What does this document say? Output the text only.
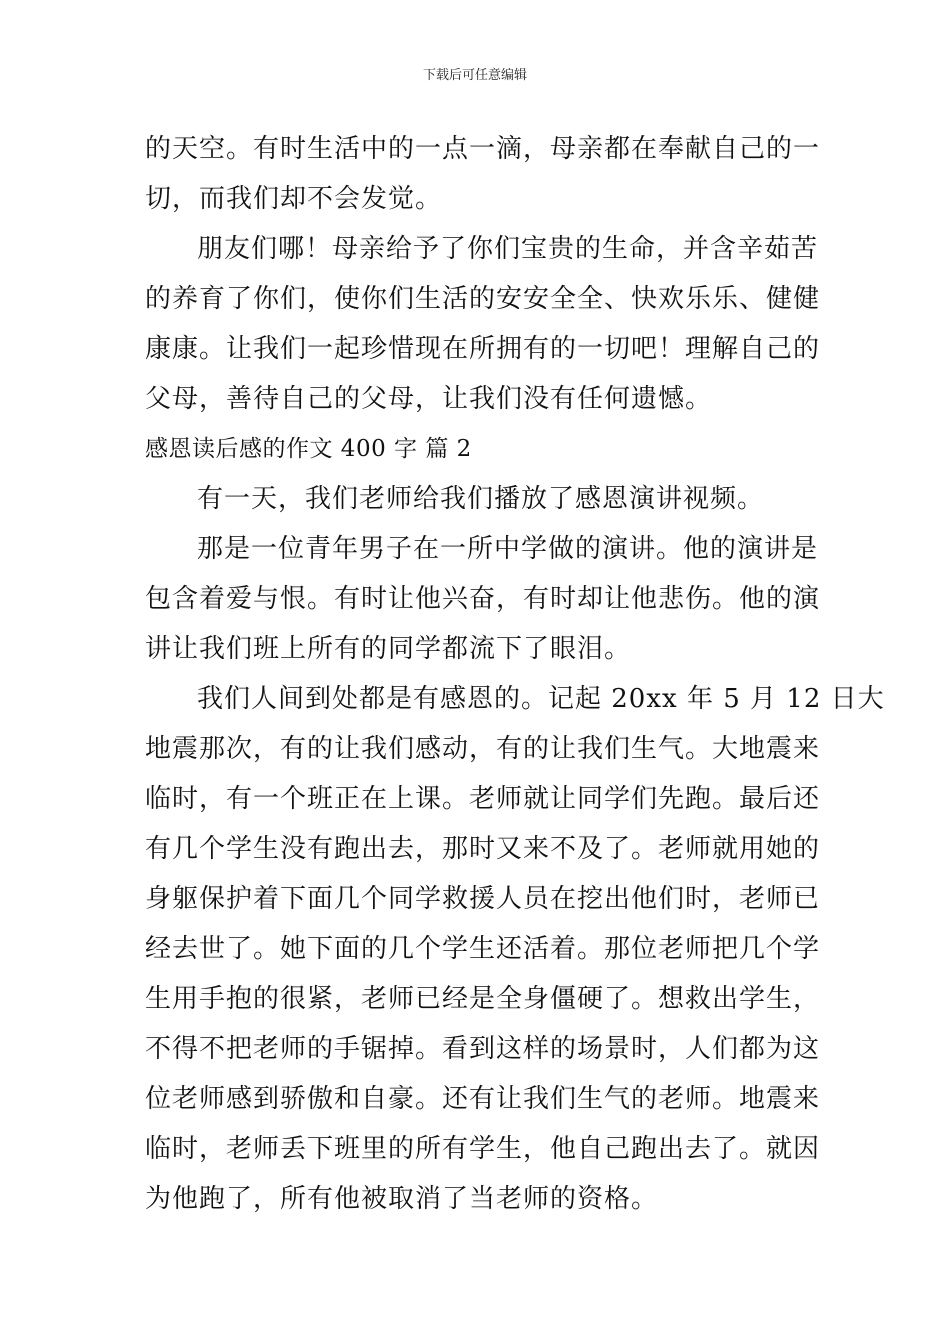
下载后可任意编辑
的天空。有时生活中的一点一滴，母亲都在奉献自己的一
切，而我们却不会发觉。
朋友们哪！母亲给予了你们宝贵的生命，并含辛茹苦
的养育了你们，使你们生活的安安全全、快欢乐乐、健健
康康。让我们一起珍惜现在所拥有的一切吧！理解自己的
父母，善待自己的父母，让我们没有任何遗憾。
感恩读后感的作文 400 字 篇 2
有一天，我们老师给我们播放了感恩演讲视频。
那是一位青年男子在一所中学做的演讲。他的演讲是
包含着爱与恨。有时让他兴奋，有时却让他悲伤。他的演
讲让我们班上所有的同学都流下了眼泪。
我们人间到处都是有感恩的。记起 20xx 年 5 月 12 日大
地震那次，有的让我们感动，有的让我们生气。大地震来
临时，有一个班正在上课。老师就让同学们先跑。最后还
有几个学生没有跑出去，那时又来不及了。老师就用她的
身躯保护着下面几个同学救援人员在挖出他们时，老师已
经去世了。她下面的几个学生还活着。那位老师把几个学
生用手抱的很紧，老师已经是全身僵硬了。想救出学生，
不得不把老师的手锯掉。看到这样的场景时，人们都为这
位老师感到骄傲和自豪。还有让我们生气的老师。地震来
临时，老师丢下班里的所有学生，他自己跑出去了。就因
为他跑了，所有他被取消了当老师的资格。
